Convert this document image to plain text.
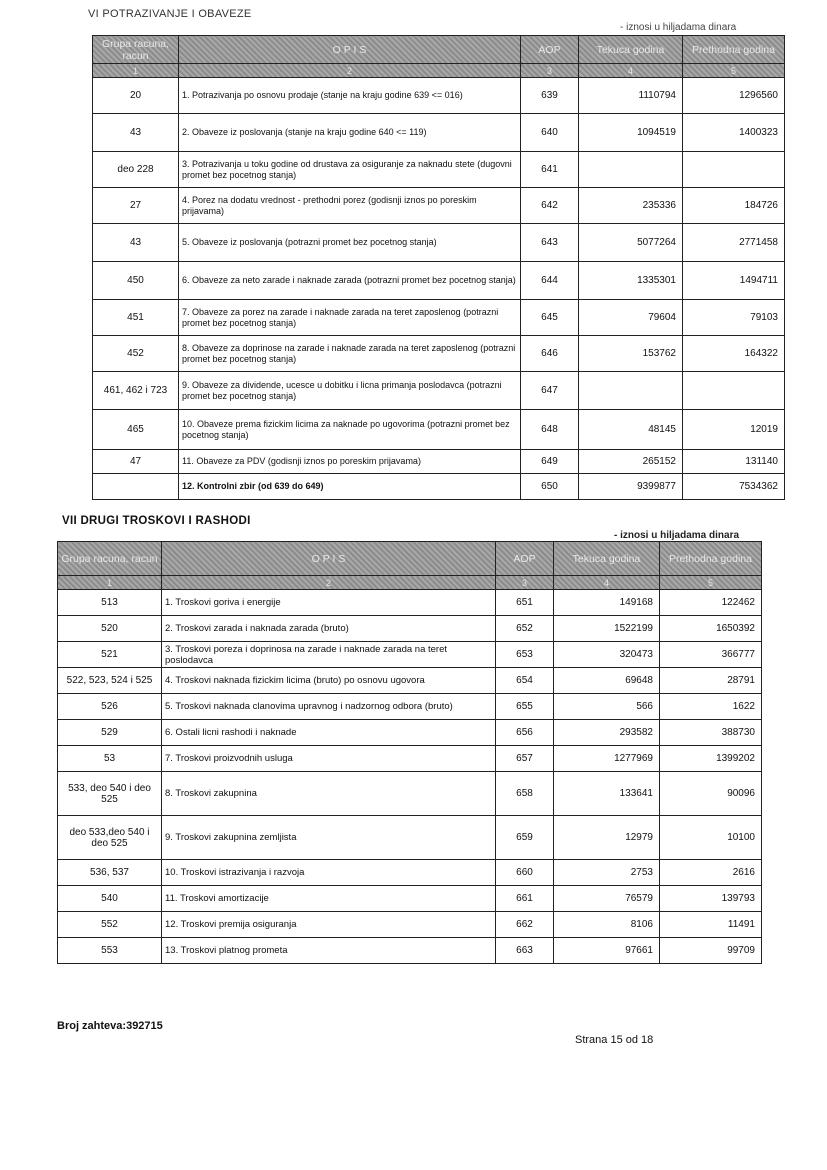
VI POTRAZIVANJE I OBAVEZE
- iznosi u hiljadama dinara
Grupa racuna, racun	O P I S	AOP	Tekuca godina	Prethodna godina
1	2	3	4	5
20	1. Potrazivanja po osnovu prodaje (stanje na kraju godine 639 <= 016)	639	1110794	1296560
43	2. Obaveze iz poslovanja (stanje na kraju godine 640 <= 119)	640	1094519	1400323
deo 228	3. Potrazivanja u toku godine od drustava za osiguranje za naknadu stete (dugovni promet bez pocetnog stanja)	641		
27	4. Porez na dodatu vrednost - prethodni porez (godisnji iznos po poreskim prijavama)	642	235336	184726
43	5. Obaveze iz poslovanja (potrazni promet bez pocetnog stanja)	643	5077264	2771458
450	6. Obaveze za neto zarade i naknade zarada (potrazni promet bez pocetnog stanja)	644	1335301	1494711
451	7. Obaveze za porez na zarade i naknade zarada na teret zaposlenog (potrazni promet bez pocetnog stanja)	645	79604	79103
452	8. Obaveze za doprinose na zarade i naknade zarada na teret zaposlenog (potrazni promet bez pocetnog stanja)	646	153762	164322
461, 462 i 723	9. Obaveze za dividende, ucesce u dobitku i licna primanja poslodavca (potrazni promet bez pocetnog stanja)	647		
465	10. Obaveze prema fizickim licima za naknade po ugovorima (potrazni promet bez pocetnog stanja)	648	48145	12019
47	11. Obaveze za PDV (godisnji iznos po poreskim prijavama)	649	265152	131140
	12. Kontrolni zbir (od 639 do 649)	650	9399877	7534362
VII DRUGI TROSKOVI I RASHODI
- iznosi u hiljadama dinara
Grupa racuna, racun	O P I S	AOP	Tekuca godina	Prethodna godina
1	2	3	4	5
513	1. Troskovi goriva i energije	651	149168	122462
520	2. Troskovi zarada i naknada zarada (bruto)	652	1522199	1650392
521	3. Troskovi poreza i doprinosa na zarade i naknade zarada na teret poslodavca	653	320473	366777
522, 523, 524 i 525	4. Troskovi naknada fizickim licima (bruto) po osnovu ugovora	654	69648	28791
526	5. Troskovi naknada clanovima upravnog i nadzornog odbora (bruto)	655	566	1622
529	6. Ostali licni rashodi i naknade	656	293582	388730
53	7. Troskovi proizvodnih usluga	657	1277969	1399202
533, deo 540 i deo 525	8. Troskovi zakupnina	658	133641	90096
deo 533,deo 540 i deo 525	9. Troskovi zakupnina zemljista	659	12979	10100
536, 537	10. Troskovi istrazivanja i razvoja	660	2753	2616
540	11. Troskovi amortizacije	661	76579	139793
552	12. Troskovi premija osiguranja	662	8106	11491
553	13. Troskovi platnog prometa	663	97661	99709
Broj zahteva:392715
Strana 15 od 18
